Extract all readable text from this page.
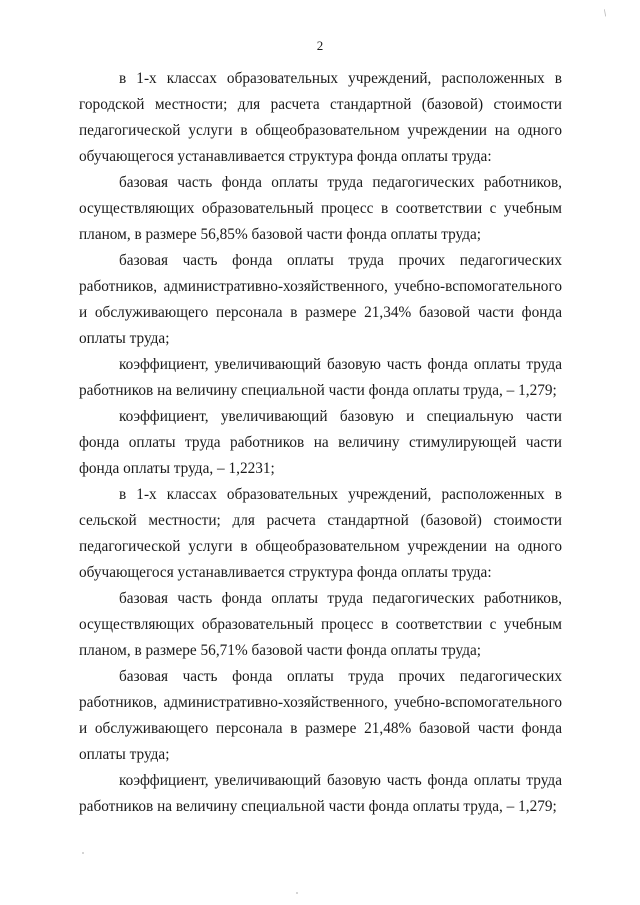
/
2

в 1-х классах образовательных учреждений, расположенных в городской местности; для расчета стандартной (базовой) стоимости педагогической услуги в общеобразовательном учреждении на одного обучающегося устанавливается структура фонда оплаты труда:

базовая часть фонда оплаты труда педагогических работников, осуществляющих образовательный процесс в соответствии с учебным планом, в размере 56,85% базовой части фонда оплаты труда;

базовая часть фонда оплаты труда прочих педагогических работников, административно-хозяйственного, учебно-вспомогательного и обслуживающего персонала в размере 21,34% базовой части фонда оплаты труда;

коэффициент, увеличивающий базовую часть фонда оплаты труда работников на величину специальной части фонда оплаты труда, – 1,279;

коэффициент, увеличивающий базовую и специальную части фонда оплаты труда работников на величину стимулирующей части фонда оплаты труда, – 1,2231;

в 1-х классах образовательных учреждений, расположенных в сельской местности; для расчета стандартной (базовой) стоимости педагогической услуги в общеобразовательном учреждении на одного обучающегося устанавливается структура фонда оплаты труда:

базовая часть фонда оплаты труда педагогических работников, осуществляющих образовательный процесс в соответствии с учебным планом, в размере 56,71% базовой части фонда оплаты труда;

базовая часть фонда оплаты труда прочих педагогических работников, административно-хозяйственного, учебно-вспомогательного и обслуживающего персонала в размере 21,48% базовой части фонда оплаты труда;

коэффициент, увеличивающий базовую часть фонда оплаты труда работников на величину специальной части фонда оплаты труда, – 1,279;
